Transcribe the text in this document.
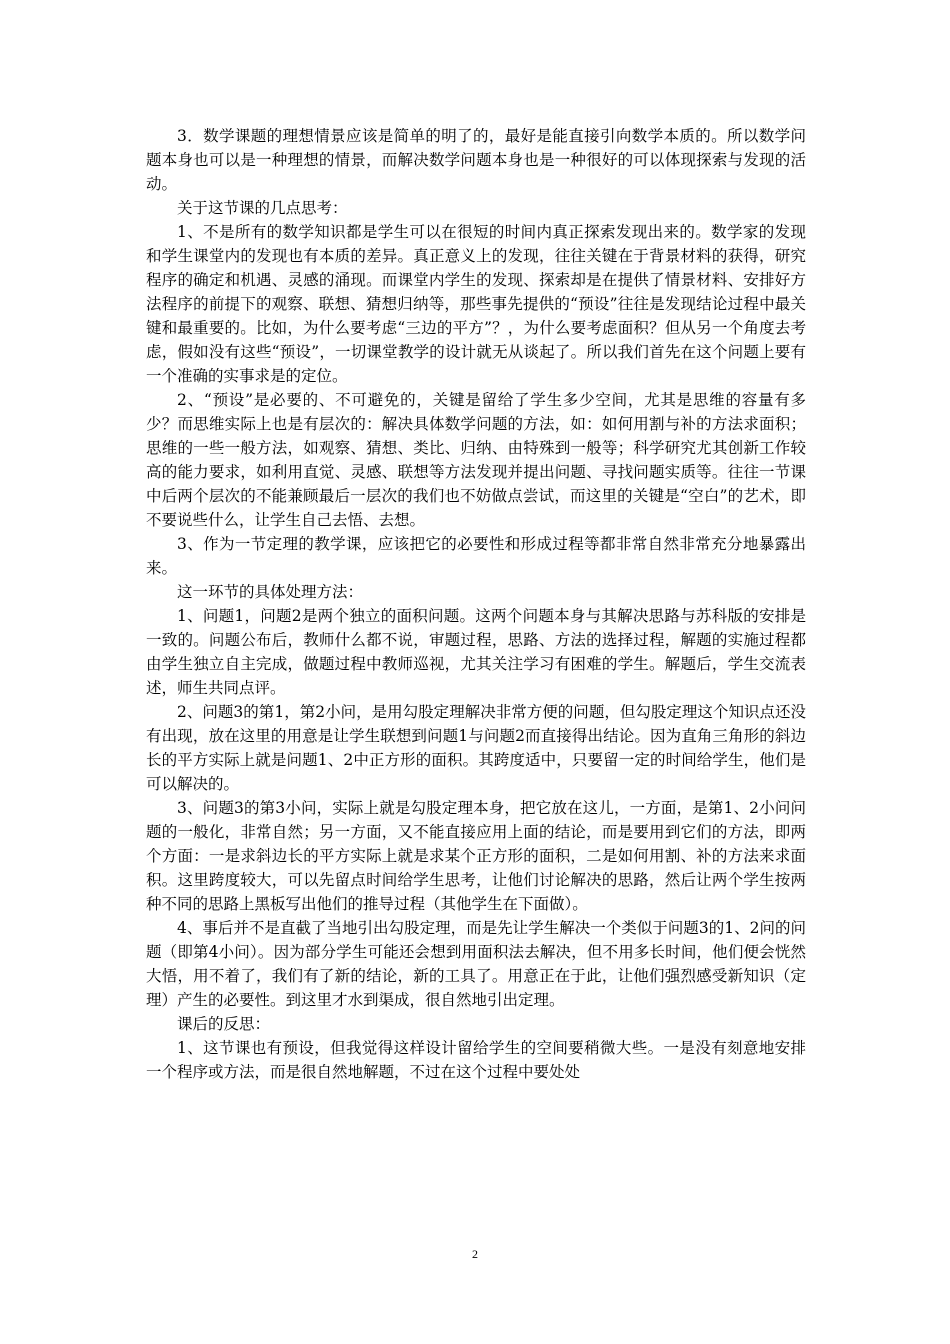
3．数学课题的理想情景应该是简单的明了的，最好是能直接引向数学本质的。所以数学问题本身也可以是一种理想的情景，而解决数学问题本身也是一种很好的可以体现探索与发现的活动。

关于这节课的几点思考：

1、不是所有的数学知识都是学生可以在很短的时间内真正探索发现出来的。数学家的发现和学生课堂内的发现也有本质的差异。真正意义上的发现，往往关键在于背景材料的获得，研究程序的确定和机遇、灵感的涌现。而课堂内学生的发现、探索却是在提供了情景材料、安排好方法程序的前提下的观察、联想、猜想归纳等，那些事先提供的“预设”往往是发现结论过程中最关键和最重要的。比如，为什么要考虑“三边的平方”？，为什么要考虑面积？但从另一个角度去考虑，假如没有这些“预设”，一切课堂教学的设计就无从谈起了。所以我们首先在这个问题上要有一个准确的实事求是的定位。

2、“预设”是必要的、不可避免的，关键是留给了学生多少空间，尤其是思维的容量有多少？而思维实际上也是有层次的：解决具体数学问题的方法，如：如何用割与补的方法求面积；思维的一些一般方法，如观察、猜想、类比、归纳、由特殊到一般等；科学研究尤其创新工作较高的能力要求，如利用直觉、灵感、联想等方法发现并提出问题、寻找问题实质等。往往一节课中后两个层次的不能兼顾最后一层次的我们也不妨做点尝试，而这里的关键是“空白”的艺术，即不要说些什么，让学生自己去悟、去想。

3、作为一节定理的教学课，应该把它的必要性和形成过程等都非常自然非常充分地暴露出来。

这一环节的具体处理方法：

1、问题1，问题2是两个独立的面积问题。这两个问题本身与其解决思路与苏科版的安排是一致的。问题公布后，教师什么都不说，审题过程，思路、方法的选择过程，解题的实施过程都由学生独立自主完成，做题过程中教师巡视，尤其关注学习有困难的学生。解题后，学生交流表述，师生共同点评。

2、问题3的第1，第2小问，是用勾股定理解决非常方便的问题，但勾股定理这个知识点还没有出现，放在这里的用意是让学生联想到问题1与问题2而直接得出结论。因为直角三角形的斜边长的平方实际上就是问题1、2中正方形的面积。其跨度适中，只要留一定的时间给学生，他们是可以解决的。

3、问题3的第3小问，实际上就是勾股定理本身，把它放在这儿，一方面，是第1、2小问问题的一般化，非常自然；另一方面，又不能直接应用上面的结论，而是要用到它们的方法，即两个方面：一是求斜边长的平方实际上就是求某个正方形的面积，二是如何用割、补的方法来求面积。这里跨度较大，可以先留点时间给学生思考，让他们讨论解决的思路，然后让两个学生按两种不同的思路上黑板写出他们的推导过程（其他学生在下面做）。

4、事后并不是直截了当地引出勾股定理，而是先让学生解决一个类似于问题3的1、2问的问题（即第4小问）。因为部分学生可能还会想到用面积法去解决，但不用多长时间，他们便会恍然大悟，用不着了，我们有了新的结论，新的工具了。用意正在于此，让他们强烈感受新知识（定理）产生的必要性。到这里才水到渠成，很自然地引出定理。

课后的反思：

1、这节课也有预设，但我觉得这样设计留给学生的空间要稍微大些。一是没有刻意地安排一个程序或方法，而是很自然地解题，不过在这个过程中要处处

2
